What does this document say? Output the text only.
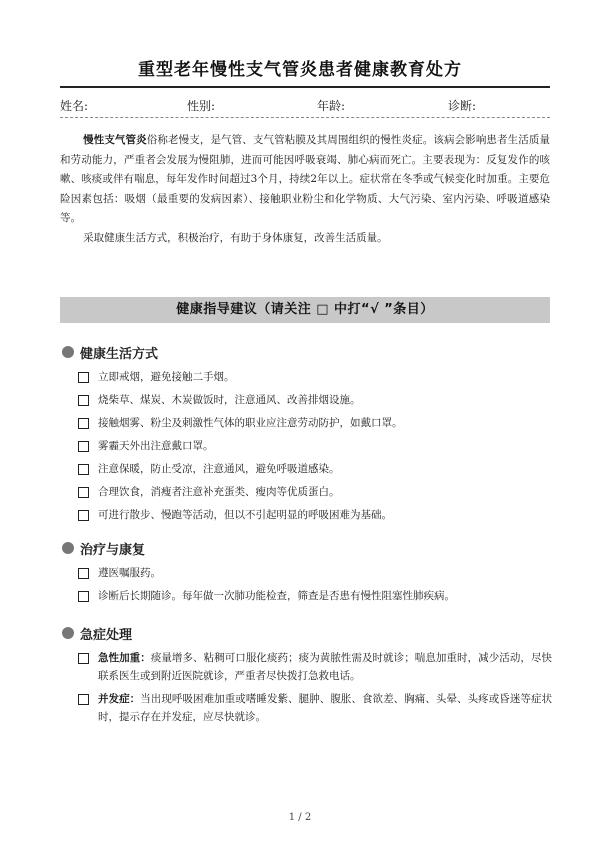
重型老年慢性支气管炎患者健康教育处方
姓名:	性别:	年龄:	诊断:

慢性支气管炎俗称老慢支，是气管、支气管粘膜及其周围组织的慢性炎症。该病会影响患者生活质量和劳动能力，严重者会发展为慢阻肺，进而可能因呼吸衰竭、肺心病而死亡。主要表现为：反复发作的咳嗽、咳痰或伴有喘息，每年发作时间超过3个月，持续2年以上。症状常在冬季或气候变化时加重。主要危险因素包括：吸烟（最重要的发病因素）、接触职业粉尘和化学物质、大气污染、室内污染、呼吸道感染等。

采取健康生活方式，积极治疗，有助于身体康复，改善生活质量。

健康指导建议（请关注 □ 中打“√ ”条目）
健康生活方式
立即戒烟，避免接触二手烟。
烧柴草、煤炭、木炭做饭时，注意通风、改善排烟设施。
接触烟雾、粉尘及刺激性气体的职业应注意劳动防护，如戴口罩。
雾霾天外出注意戴口罩。
注意保暖，防止受凉，注意通风，避免呼吸道感染。
合理饮食，消瘦者注意补充蛋类、瘦肉等优质蛋白。
可进行散步、慢跑等活动，但以不引起明显的呼吸困难为基础。
治疗与康复
遵医嘱服药。
诊断后长期随诊。每年做一次肺功能检查，筛查是否患有慢性阻塞性肺疾病。
急症处理
急性加重：痰量增多、粘稠可口服化痰药；痰为黄脓性需及时就诊；喘息加重时，减少活动，尽快联系医生或到附近医院就诊，严重者尽快拨打急救电话。
并发症：当出现呼吸困难加重或嗜睡发紫、腿肿、腹胀、食欲差、胸痛、头晕、头疼或昏迷等症状时，提示存在并发症，应尽快就诊。
1 / 2
